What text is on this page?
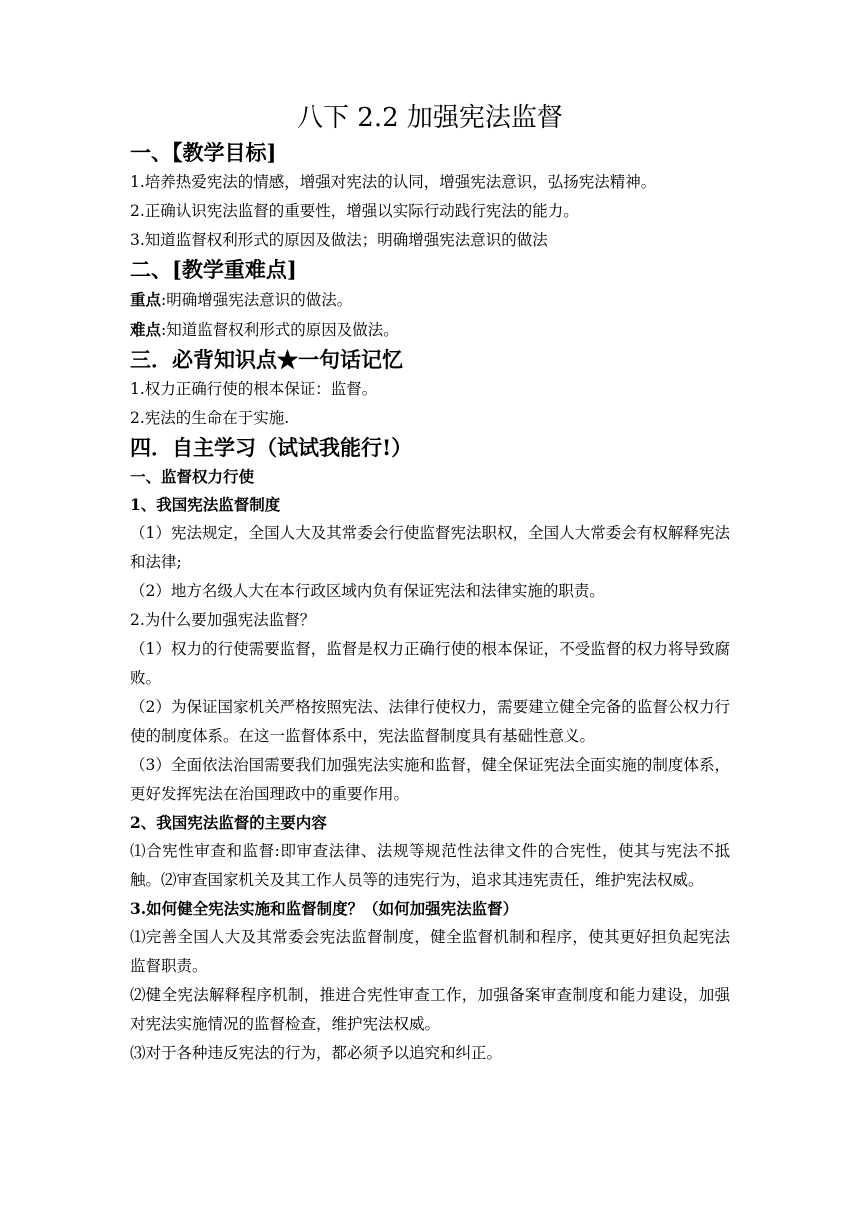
八下 2.2 加强宪法监督
一、【教学目标]
1.培养热爱宪法的情感，增强对宪法的认同，增强宪法意识，弘扬宪法精神。
2.正确认识宪法监督的重要性，增强以实际行动践行宪法的能力。
3.知道监督权利形式的原因及做法；明确增强宪法意识的做法
二、[教学重难点]
重点:明确增强宪法意识的做法。
难点:知道监督权利形式的原因及做法。
三．必背知识点★一句话记忆
1.权力正确行使的根本保证：监督。
2.宪法的生命在于实施.
四．自主学习（试试我能行!）
一、监督权力行使
1、我国宪法监督制度
（1）宪法规定，全国人大及其常委会行使监督宪法职权，全国人大常委会有权解释宪法和法律;
（2）地方名级人大在本行政区域内负有保证宪法和法律实施的职责。
2.为什么要加强宪法监督？
（1）权力的行使需要监督，监督是权力正确行使的根本保证，不受监督的权力将导致腐败。
（2）为保证国家机关严格按照宪法、法律行使权力，需要建立健全完备的监督公权力行使的制度体系。在这一监督体系中，宪法监督制度具有基础性意义。
（3）全面依法治国需要我们加强宪法实施和监督，健全保证宪法全面实施的制度体系，更好发挥宪法在治国理政中的重要作用。
2、我国宪法监督的主要内容
⑴合宪性审查和监督:即审查法律、法规等规范性法律文件的合宪性，使其与宪法不抵触。⑵审查国家机关及其工作人员等的违宪行为，追求其违宪责任，维护宪法权威。
3.如何健全宪法实施和监督制度？（如何加强宪法监督）
⑴完善全国人大及其常委会宪法监督制度，健全监督机制和程序，使其更好担负起宪法监督职责。
⑵健全宪法解释程序机制，推进合宪性审查工作，加强备案审查制度和能力建设，加强对宪法实施情况的监督检查，维护宪法权威。
⑶对于各种违反宪法的行为，都必须予以追究和纠正。
